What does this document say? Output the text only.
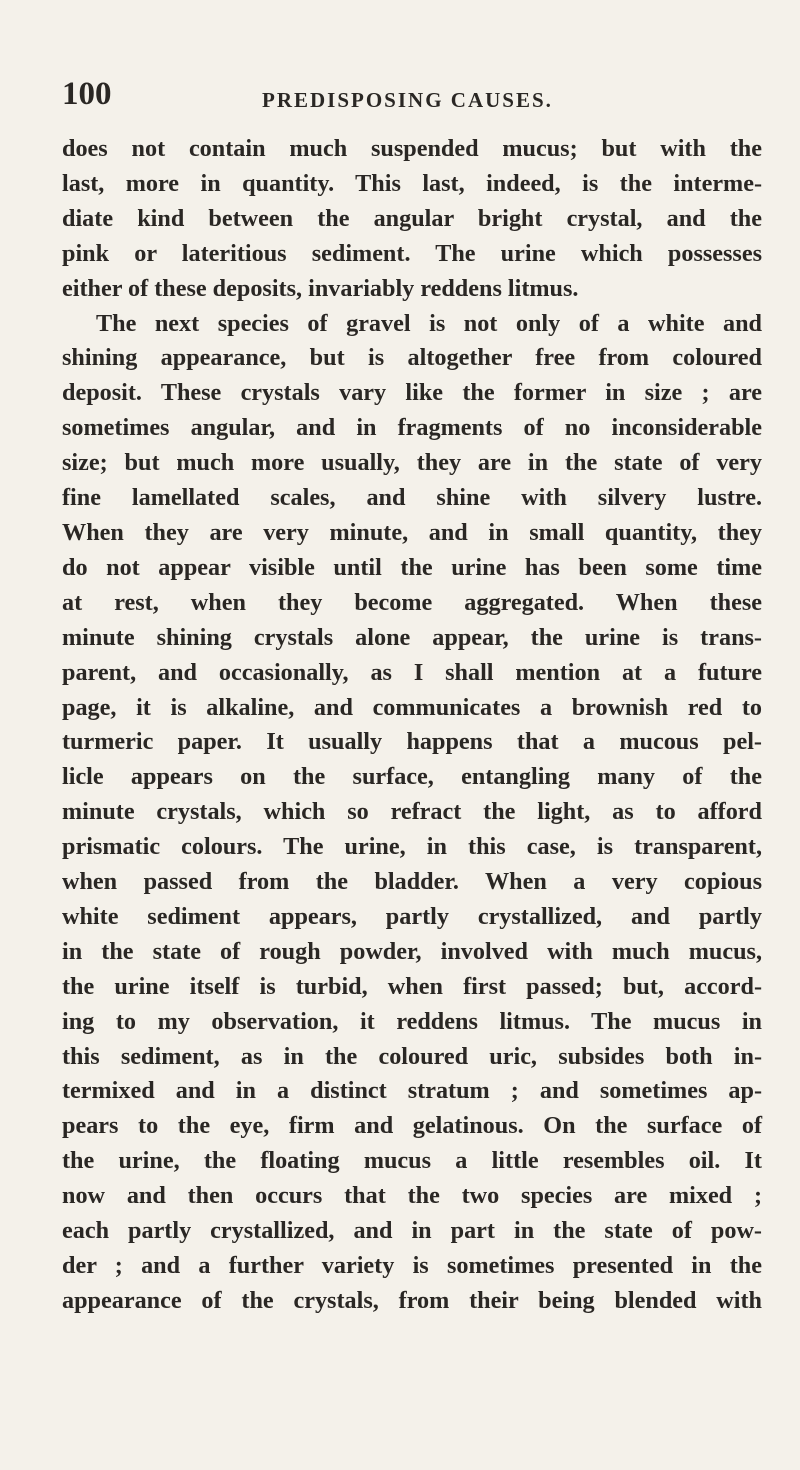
100	PREDISPOSING CAUSES.
does not contain much suspended mucus; but with the
last, more in quantity. This last, indeed, is the interme-
diate kind between the angular bright crystal, and the
pink or lateritious sediment. The urine which possesses
either of these deposits, invariably reddens litmus.
The next species of gravel is not only of a white and
shining appearance, but is altogether free from coloured
deposit. These crystals vary like the former in size ; are
sometimes angular, and in fragments of no inconsiderable
size; but much more usually, they are in the state of very
fine lamellated scales, and shine with silvery lustre.
When they are very minute, and in small quantity, they
do not appear visible until the urine has been some time
at rest, when they become aggregated. When these
minute shining crystals alone appear, the urine is trans-
parent, and occasionally, as I shall mention at a future
page, it is alkaline, and communicates a brownish red to
turmeric paper. It usually happens that a mucous pel-
licle appears on the surface, entangling many of the
minute crystals, which so refract the light, as to afford
prismatic colours. The urine, in this case, is transparent,
when passed from the bladder. When a very copious
white sediment appears, partly crystallized, and partly
in the state of rough powder, involved with much mucus,
the urine itself is turbid, when first passed; but, accord-
ing to my observation, it reddens litmus. The mucus in
this sediment, as in the coloured uric, subsides both in-
termixed and in a distinct stratum ; and sometimes ap-
pears to the eye, firm and gelatinous. On the surface of
the urine, the floating mucus a little resembles oil. It
now and then occurs that the two species are mixed ;
each partly crystallized, and in part in the state of pow-
der ; and a further variety is sometimes presented in the
appearance of the crystals, from their being blended with
